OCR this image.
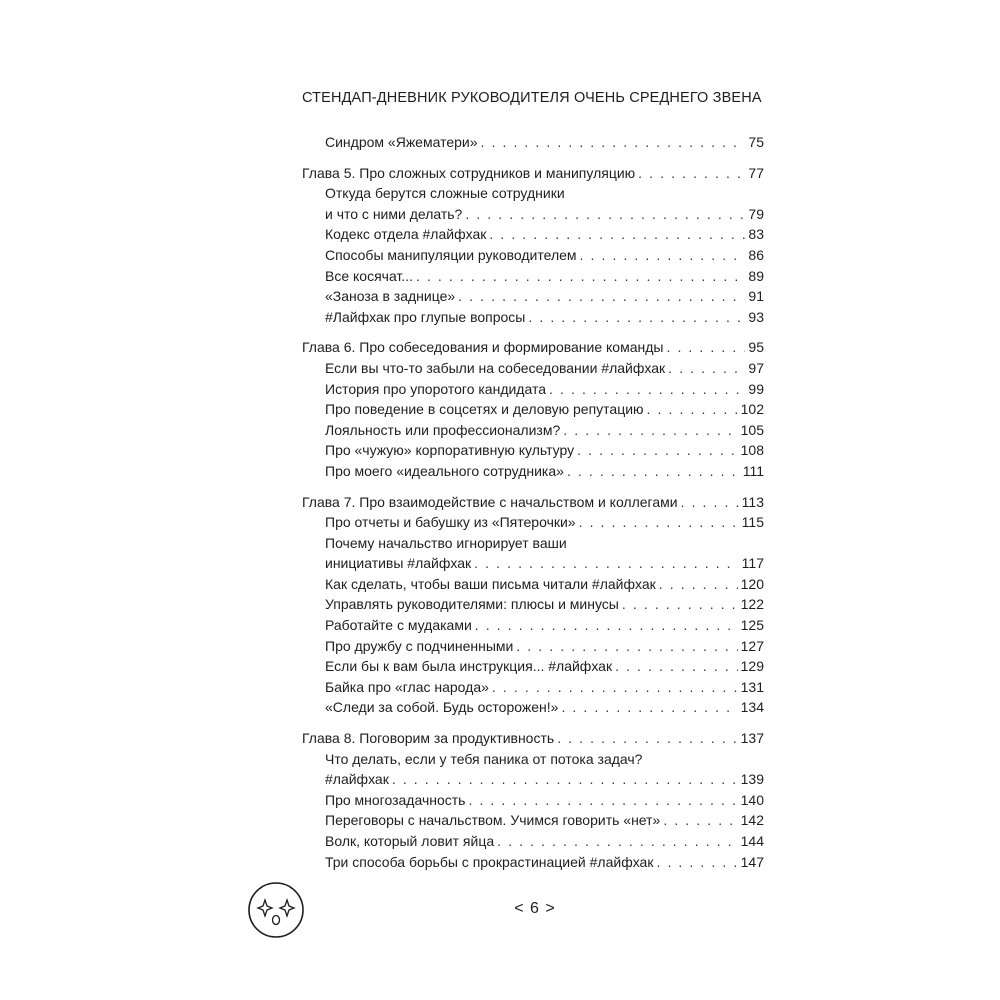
СТЕНДАП-ДНЕВНИК РУКОВОДИТЕЛЯ ОЧЕНЬ СРЕДНЕГО ЗВЕНА
Синдром «Яжематери» . . .	75
Глава 5. Про сложных сотрудников и манипуляцию . . .	77
Откуда берутся сложные сотрудники
и что с ними делать? . . .	79
Кодекс отдела #лайфхак . . .	83
Способы манипуляции руководителем . . .	86
Все косячат... . . .	89
«Заноза в заднице» . . .	91
#Лайфхак про глупые вопросы . . .	93
Глава 6. Про собеседования и формирование команды . . .	95
Если вы что-то забыли на собеседовании #лайфхак . . .	97
История про упоротого кандидата . . .	99
Про поведение в соцсетях и деловую репутацию . . .	102
Лояльность или профессионализм? . . .	105
Про «чужую» корпоративную культуру . . .	108
Про моего «идеального сотрудника» . . .	111
Глава 7. Про взаимодействие с начальством и коллегами . . .	113
Про отчеты и бабушку из «Пятерочки» . . .	115
Почему начальство игнорирует ваши
инициативы #лайфхак . . .	117
Как сделать, чтобы ваши письма читали #лайфхак . . .	120
Управлять руководителями: плюсы и минусы . . .	122
Работайте с мудаками . . .	125
Про дружбу с подчиненными . . .	127
Если бы к вам была инструкция... #лайфхак . . .	129
Байка про «глас народа» . . .	131
«Следи за собой. Будь осторожен!» . . .	134
Глава 8. Поговорим за продуктивность . . .	137
Что делать, если у тебя паника от потока задач?
#лайфхак . . .	139
Про многозадачность . . .	140
Переговоры с начальством. Учимся говорить «нет» . . .	142
Волк, который ловит яйца . . .	144
Три способа борьбы с прокрастинацией #лайфхак . . .	147
< 6 >
